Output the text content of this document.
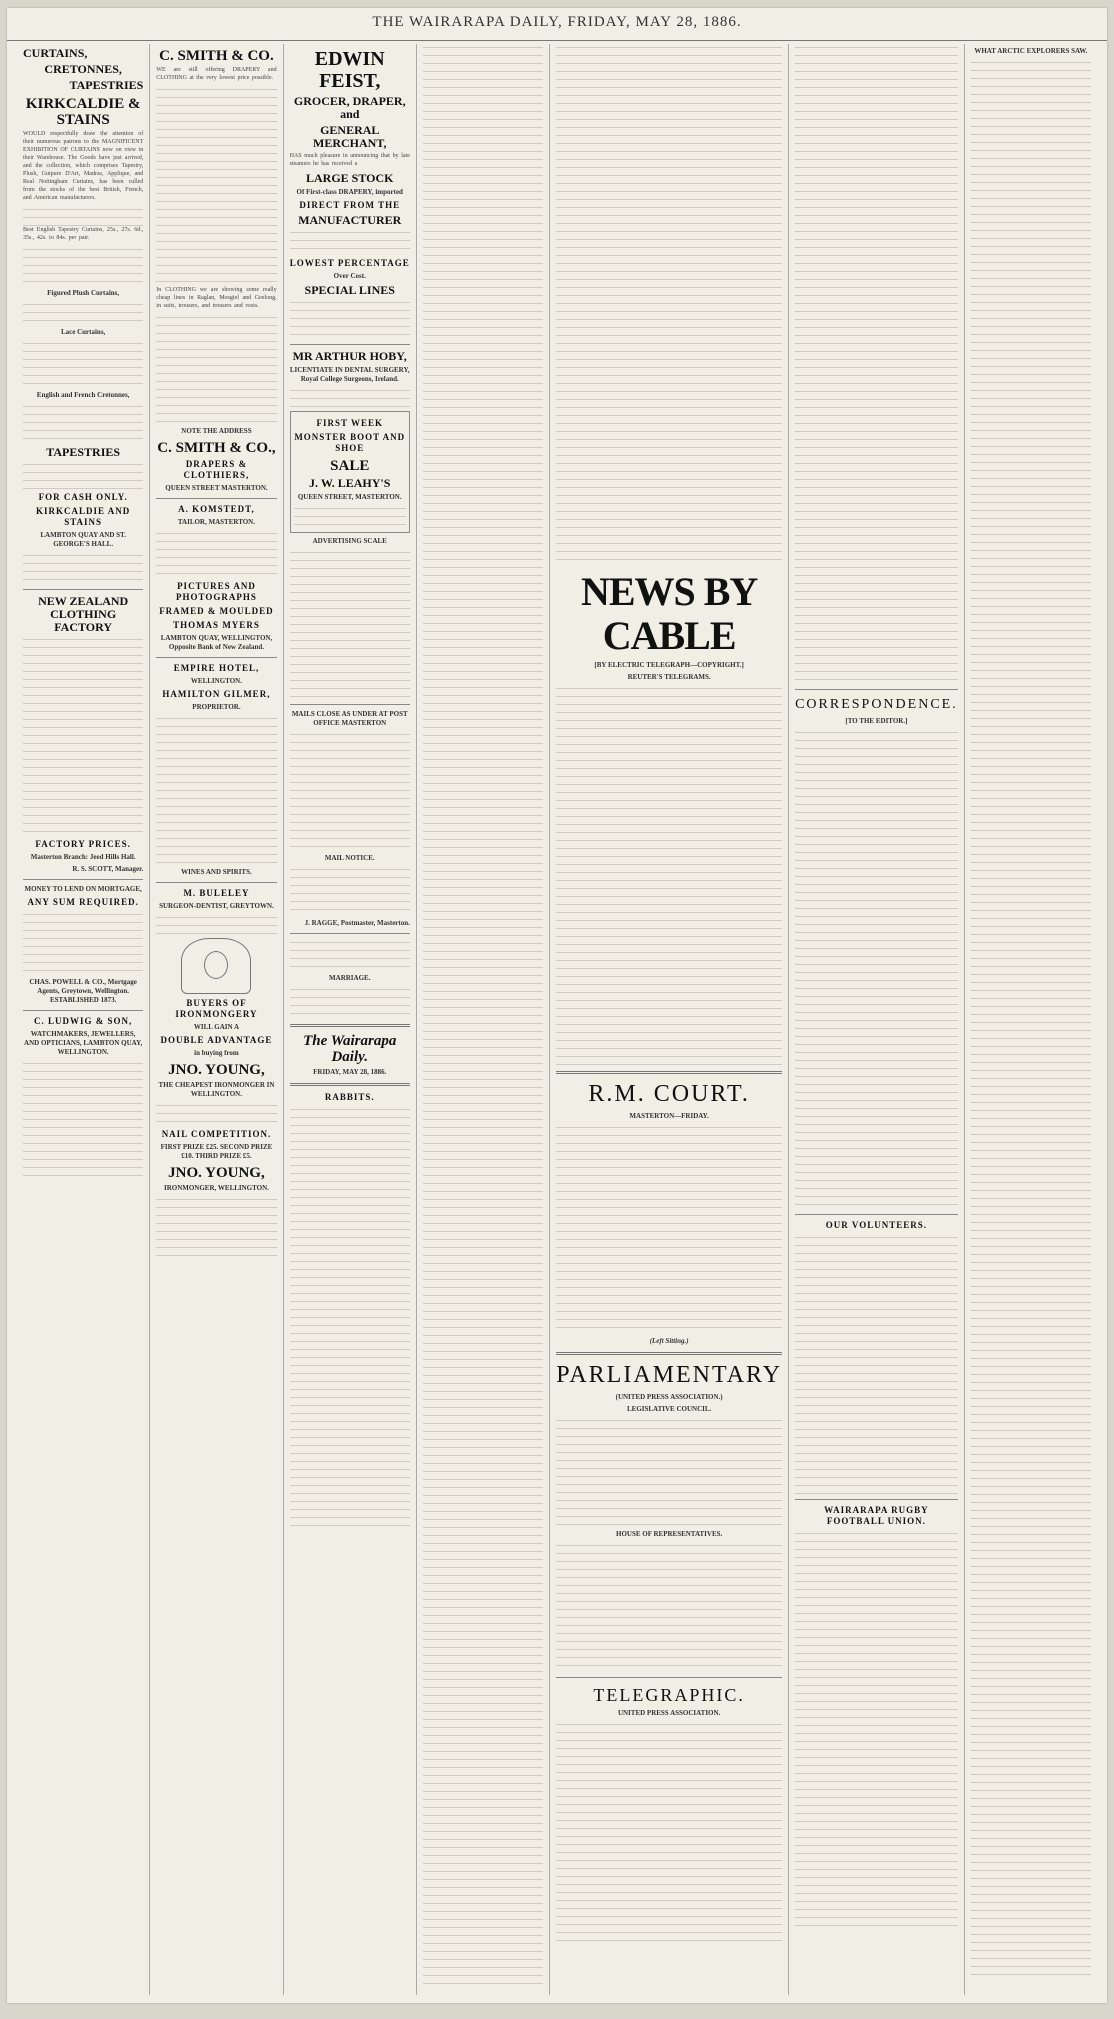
THE WAIRARAPA DAILY, FRIDAY, MAY 28, 1886.
CURTAINS,
CRETONNES,
TAPESTRIES
KIRKCALDIE & STAINS

WOULD respectfully draw the attention of their numerous patrons to the MAGNIFICENT EXHIBITION OF CURTAINS now on view in their Warehouse. The Goods have just arrived, and the collection, which comprises Tapestry, Plush, Guipure D'Art, Madras, Applique, and Real Nottingham Curtains, has been culled from the stocks of the best British, French, and American manufacturers.

Best English Tapestry Curtains, 25s., 27s. 6d., 35s., 42s. to 84s. per pair.

Figured Plush Curtains,
Lace Curtains,
English and French Cretonnes,
TAPESTRIES
FOR CASH ONLY.
KIRKCALDIE AND STAINS
LAMBTON QUAY AND ST. GEORGE'S HALL.
NEW ZEALAND CLOTHING FACTORY
FACTORY PRICES.
Masterton Branch: Jeed Hills Hall.
R. S. SCOTT, Manager.
MONEY TO LEND ON MORTGAGE,
ANY SUM REQUIRED.
CHAS. POWELL & CO., Mortgage Agents, Greytown, Wellington. ESTABLISHED 1873.
C. LUDWIG & SON,
WATCHMAKERS, JEWELLERS, AND OPTICIANS, LAMBTON QUAY, WELLINGTON.
C. SMITH & CO.

WE are still offering DRAPERY and CLOTHING at the very lowest price possible.

In CLOTHING we are showing some really cheap lines in Raglan, Mosgiel and Geelong, in suits, trousers, and trousers and vests.

NOTE THE ADDRESS
C. SMITH & CO.,
DRAPERS & CLOTHIERS,
QUEEN STREET MASTERTON.
A. KOMSTEDT,
TAILOR, MASTERTON.
PICTURES AND PHOTOGRAPHS
FRAMED & MOULDED
THOMAS MYERS
LAMBTON QUAY, WELLINGTON, Opposite Bank of New Zealand.
EMPIRE HOTEL,
WELLINGTON.
HAMILTON GILMER,
PROPRIETOR.
WINES AND SPIRITS.
M. BULELEY
SURGEON-DENTIST, GREYTOWN.
BUYERS OF IRONMONGERY
WILL GAIN A
DOUBLE ADVANTAGE
in buying from
JNO. YOUNG,
THE CHEAPEST IRONMONGER IN WELLINGTON.
NAIL COMPETITION.
FIRST PRIZE £25. SECOND PRIZE £10. THIRD PRIZE £5.
JNO. YOUNG,
IRONMONGER, WELLINGTON.
EDWIN FEIST,
GROCER, DRAPER, and
GENERAL MERCHANT,

HAS much pleasure in announcing that by late steamers he has received a

LARGE STOCK
Of First-class DRAPERY, imported
DIRECT FROM THE
MANUFACTURER
LOWEST PERCENTAGE
Over Cost.
SPECIAL LINES
MR ARTHUR HOBY,
LICENTIATE IN DENTAL SURGERY, Royal College Surgeons, Ireland.
FIRST WEEK
MONSTER BOOT AND SHOE
SALE
J. W. LEAHY'S
QUEEN STREET, MASTERTON.
ADVERTISING SCALE
MAILS CLOSE AS UNDER AT POST OFFICE MASTERTON
MAIL NOTICE.
J. RAGGE, Postmaster, Masterton.
MARRIAGE.
The Wairarapa Daily.
FRIDAY, MAY 28, 1886.
RABBITS.
NEWS BY CABLE
[BY ELECTRIC TELEGRAPH—COPYRIGHT.]
REUTER'S TELEGRAMS.
R.M. COURT.
MASTERTON—FRIDAY.
(Left Sitting.)
PARLIAMENTARY
(UNITED PRESS ASSOCIATION.)
LEGISLATIVE COUNCIL.
HOUSE OF REPRESENTATIVES.
TELEGRAPHIC.
UNITED PRESS ASSOCIATION.
CORRESPONDENCE.
[TO THE EDITOR.]
OUR VOLUNTEERS.
WAIRARAPA RUGBY FOOTBALL UNION.
WHAT ARCTIC EXPLORERS SAW.
